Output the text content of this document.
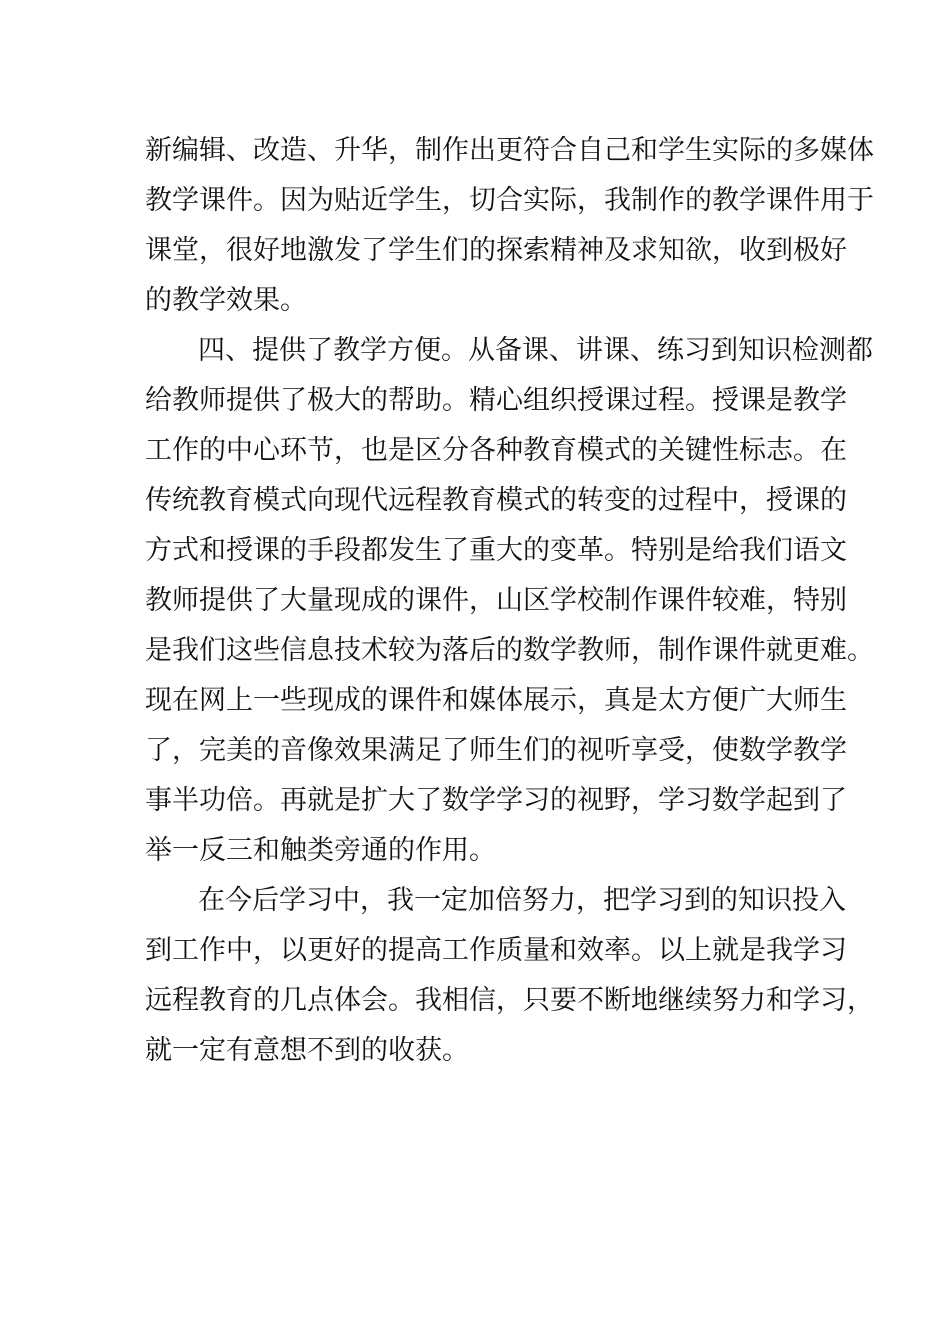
新编辑、改造、升华，制作出更符合自己和学生实际的多媒体
教学课件。因为贴近学生，切合实际，我制作的教学课件用于
课堂，很好地激发了学生们的探索精神及求知欲，收到极好
的教学效果。
四、提供了教学方便。从备课、讲课、练习到知识检测都
给教师提供了极大的帮助。精心组织授课过程。授课是教学
工作的中心环节，也是区分各种教育模式的关键性标志。在
传统教育模式向现代远程教育模式的转变的过程中，授课的
方式和授课的手段都发生了重大的变革。特别是给我们语文
教师提供了大量现成的课件，山区学校制作课件较难，特别
是我们这些信息技术较为落后的数学教师，制作课件就更难。
现在网上一些现成的课件和媒体展示，真是太方便广大师生
了，完美的音像效果满足了师生们的视听享受，使数学教学
事半功倍。再就是扩大了数学学习的视野，学习数学起到了
举一反三和触类旁通的作用。
在今后学习中，我一定加倍努力，把学习到的知识投入
到工作中，以更好的提高工作质量和效率。以上就是我学习
远程教育的几点体会。我相信，只要不断地继续努力和学习，
就一定有意想不到的收获。
